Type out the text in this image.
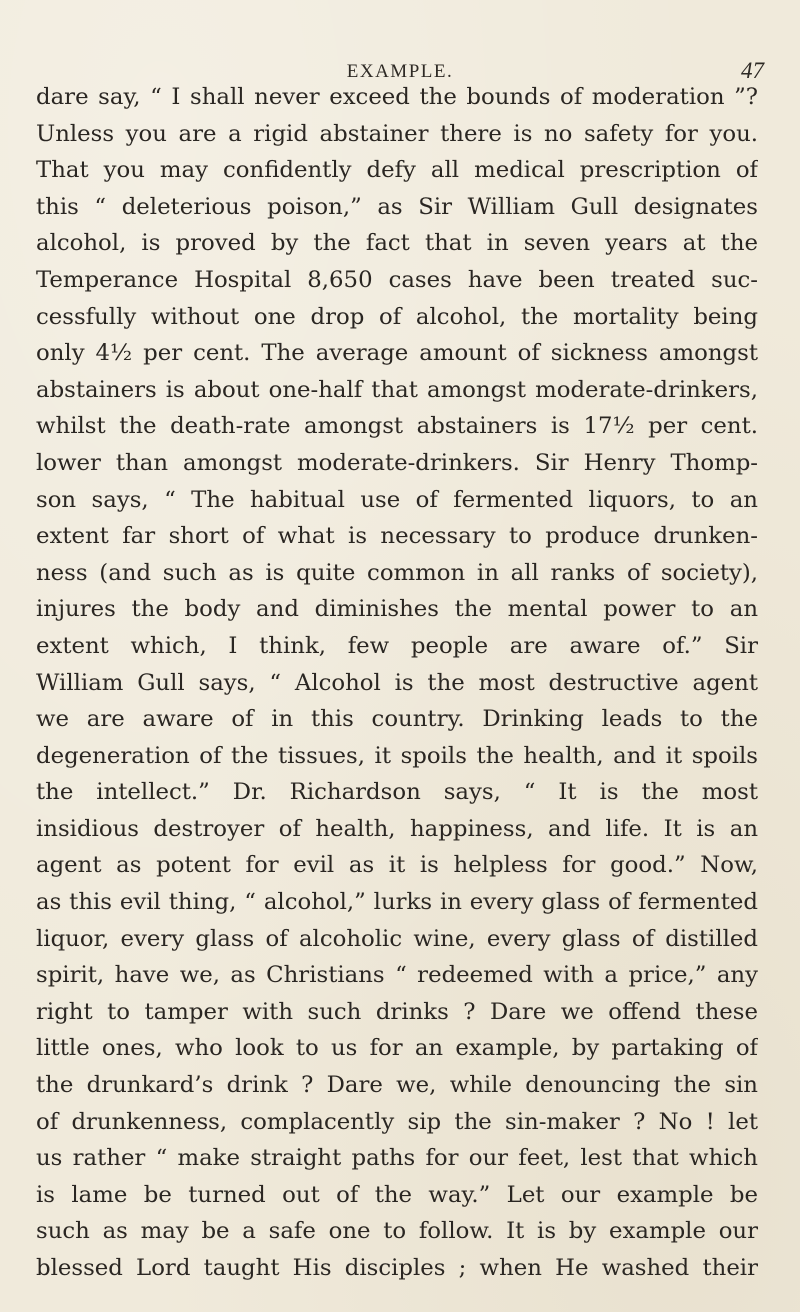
EXAMPLE.	47
dare say, “ I shall never exceed the bounds of moderation ”?
Unless you are a rigid abstainer there is no safety for you.
That you may confidently defy all medical prescription of
this “ deleterious poison,” as Sir William Gull designates
alcohol, is proved by the fact that in seven years at the
Temperance Hospital 8,650 cases have been treated suc-
cessfully without one drop of alcohol, the mortality being
only 4½ per cent. The average amount of sickness amongst
abstainers is about one-half that amongst moderate-drinkers,
whilst the death-rate amongst abstainers is 17½ per cent.
lower than amongst moderate-drinkers. Sir Henry Thomp-
son says, “ The habitual use of fermented liquors, to an
extent far short of what is necessary to produce drunken-
ness (and such as is quite common in all ranks of society),
injures the body and diminishes the mental power to an
extent which, I think, few people are aware of.” Sir
William Gull says, “ Alcohol is the most destructive agent
we are aware of in this country. Drinking leads to the
degeneration of the tissues, it spoils the health, and it spoils
the intellect.” Dr. Richardson says, “ It is the most
insidious destroyer of health, happiness, and life. It is an
agent as potent for evil as it is helpless for good.” Now,
as this evil thing, “ alcohol,” lurks in every glass of fermented
liquor, every glass of alcoholic wine, every glass of distilled
spirit, have we, as Christians “ redeemed with a price,” any
right to tamper with such drinks ? Dare we offend these
little ones, who look to us for an example, by partaking of
the drunkard’s drink ? Dare we, while denouncing the sin
of drunkenness, complacently sip the sin-maker ? No ! let
us rather “ make straight paths for our feet, lest that which
is lame be turned out of the way.” Let our example be
such as may be a safe one to follow. It is by example our
blessed Lord taught His disciples ; when He washed their
